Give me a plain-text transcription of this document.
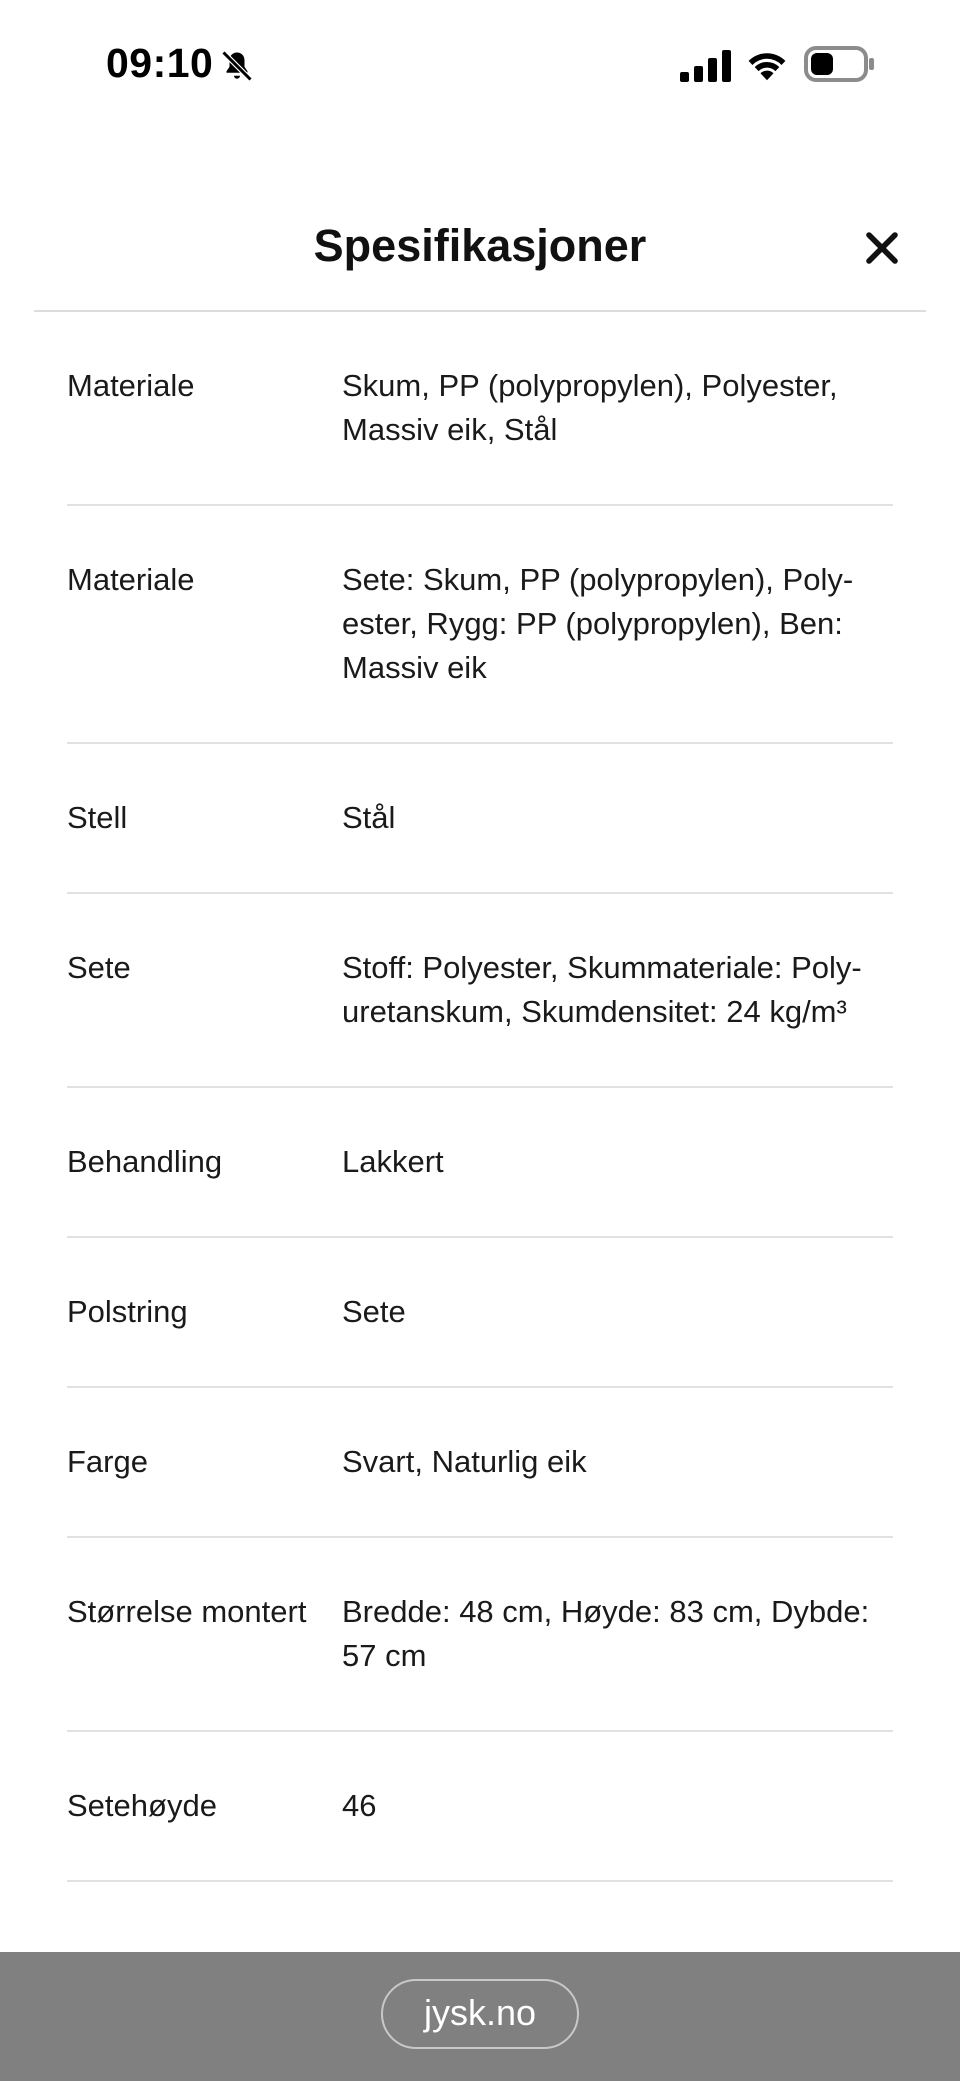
09:10
Spesifikasjoner
Materiale	Skum, PP (polypropylen), Polyester,
Massiv eik, Stål
Materiale	Sete: Skum, PP (polypropylen), Poly-
ester, Rygg: PP (polypropylen), Ben:
Massiv eik
Stell	Stål
Sete	Stoff: Polyester, Skummateriale: Poly-
uretanskum, Skumdensitet: 24 kg/m³
Behandling	Lakkert
Polstring	Sete
Farge	Svart, Naturlig eik
Størrelse montert	Bredde: 48 cm, Høyde: 83 cm, Dybde:
57 cm
Setehøyde	46
jysk.no
